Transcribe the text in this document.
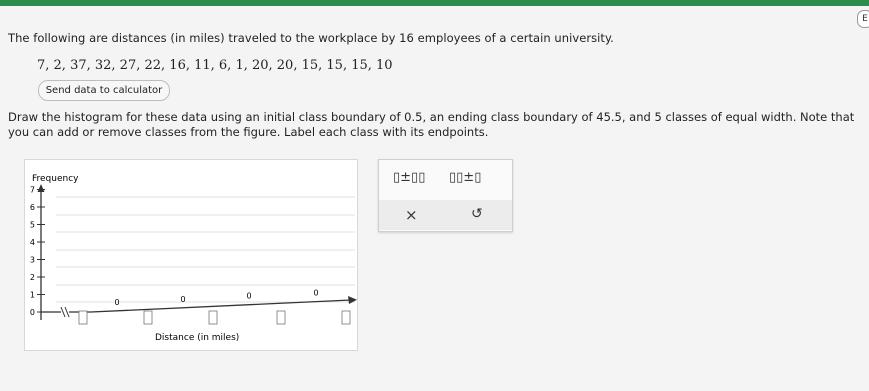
E
The following are distances (in miles) traveled to the workplace by 16 employees of a certain university.
7, 2, 37, 32, 27, 22, 16, 11, 6, 1, 20, 20, 15, 15, 15, 10
Send data to calculator
Draw the histogram for these data using an initial class boundary of 0.5, an ending class boundary of 45.5, and 5 classes of equal width. Note that you can add or remove classes from the figure. Label each class with its endpoints.
Frequency
0
1
2
3
4
5
6
7
0	0	0	0
Distance (in miles)
▯±▯▯ ▯▯±▯
×	↺
